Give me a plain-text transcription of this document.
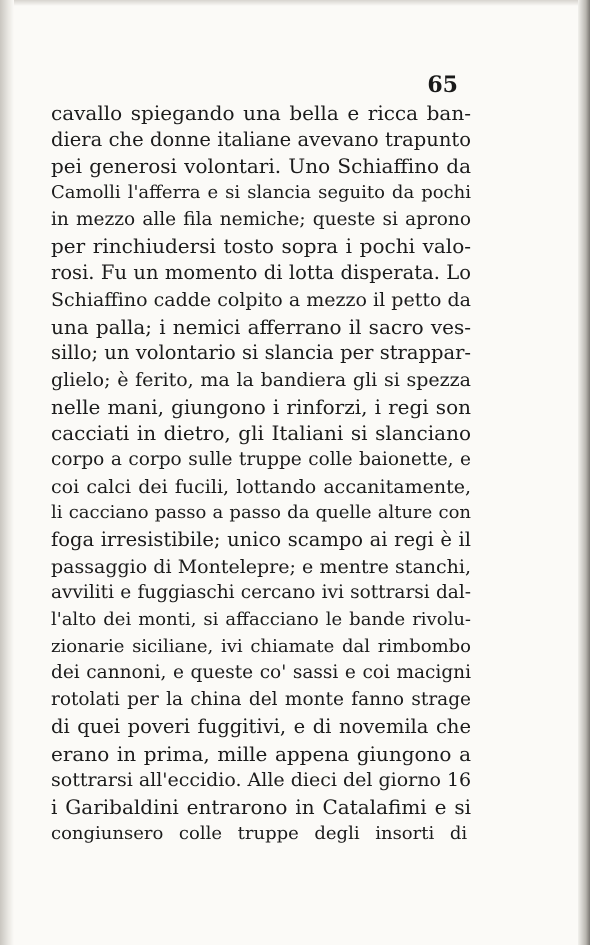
65
cavallo spiegando una bella e ricca ban-
diera che donne italiane avevano trapunto
pei generosi volontari. Uno Schiaffino da
Camolli l'afferra e si slancia seguito da pochi
in mezzo alle fila nemiche; queste si aprono
per rinchiudersi tosto sopra i pochi valo-
rosi. Fu un momento di lotta disperata. Lo
Schiaffino cadde colpito a mezzo il petto da
una palla; i nemici afferrano il sacro ves-
sillo; un volontario si slancia per strappar-
glielo; è ferito, ma la bandiera gli si spezza
nelle mani, giungono i rinforzi, i regi son
cacciati in dietro, gli Italiani si slanciano
corpo a corpo sulle truppe colle baionette, e
coi calci dei fucili, lottando accanitamente,
li cacciano passo a passo da quelle alture con
foga irresistibile; unico scampo ai regi è il
passaggio di Montelepre; e mentre stanchi,
avviliti e fuggiaschi cercano ivi sottrarsi dal-
l'alto dei monti, si affacciano le bande rivolu-
zionarie siciliane, ivi chiamate dal rimbombo
dei cannoni, e queste co' sassi e coi macigni
rotolati per la china del monte fanno strage
di quei poveri fuggitivi, e di novemila che
erano in prima, mille appena giungono a
sottrarsi all'eccidio. Alle dieci del giorno 16
i Garibaldini entrarono in Catalafimi e si
congiunsero colle truppe degli insorti di
